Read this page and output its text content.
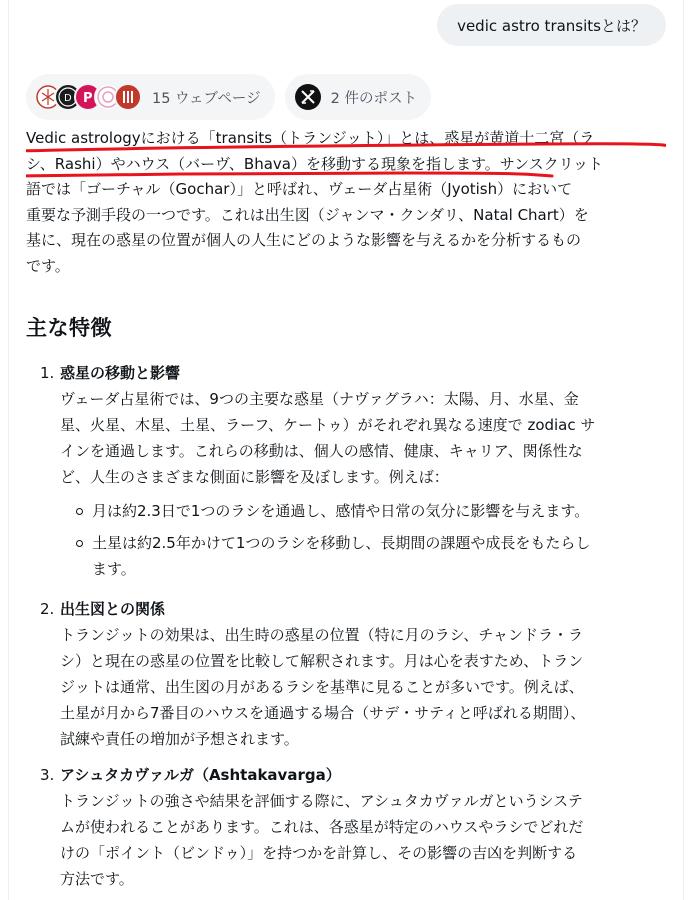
vedic astro transitsとは？
D P	15 ウェブページ	2 件のポスト

Vedic astrologyにおける「transits（トランジット）」とは、惑星が黄道十二宮（ラ

シ、Rashi）やハウス（バーヴ、Bhava）を移動する現象を指します。サンスクリット

語では「ゴーチャル（Gochar）」と呼ばれ、ヴェーダ占星術（Jyotish）において

重要な予測手段の一つです。これは出生図（ジャンマ・クンダリ、Natal Chart）を

基に、現在の惑星の位置が個人の人生にどのような影響を与えるかを分析するもの

です。

主な特徴
1. 惑星の移動と影響
ヴェーダ占星術では、9つの主要な惑星（ナヴァグラハ：太陽、月、水星、金
星、火星、木星、土星、ラーフ、ケートゥ）がそれぞれ異なる速度で zodiac サ
インを通過します。これらの移動は、個人の感情、健康、キャリア、関係性な
ど、人生のさまざまな側面に影響を及ぼします。例えば：
月は約2.3日で1つのラシを通過し、感情や日常の気分に影響を与えます。
土星は約2.5年かけて1つのラシを移動し、長期間の課題や成長をもたらし
ます。
2. 出生図との関係
トランジットの効果は、出生時の惑星の位置（特に月のラシ、チャンドラ・ラ
シ）と現在の惑星の位置を比較して解釈されます。月は心を表すため、トラン
ジットは通常、出生図の月があるラシを基準に見ることが多いです。例えば、
土星が月から7番目のハウスを通過する場合（サデ・サティと呼ばれる期間）、
試練や責任の増加が予想されます。
3. アシュタカヴァルガ（Ashtakavarga）
トランジットの強さや結果を評価する際に、アシュタカヴァルガというシステ
ムが使われることがあります。これは、各惑星が特定のハウスやラシでどれだ
けの「ポイント（ビンドゥ）」を持つかを計算し、その影響の吉凶を判断する
方法です。
